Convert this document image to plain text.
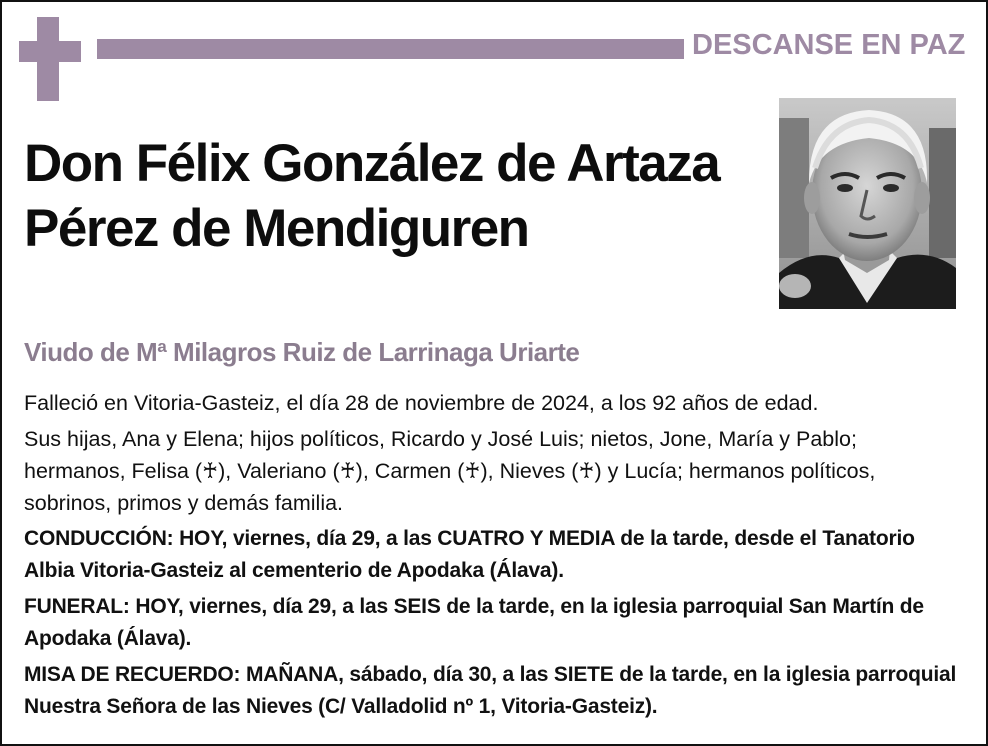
DESCANSE EN PAZ
Don Félix González de Artaza
Pérez de Mendiguren
Viudo de Mª Milagros Ruiz de Larrinaga Uriarte

Falleció en Vitoria-Gasteiz, el día 28 de noviembre de 2024, a los 92 años de edad.

Sus hijas, Ana y Elena; hijos políticos, Ricardo y José Luis; nietos, Jone, María y Pablo; hermanos, Felisa (♰), Valeriano (♰), Carmen (♰), Nieves (♰) y Lucía; hermanos políticos, sobrinos, primos y demás familia.

CONDUCCIÓN: HOY, viernes, día 29, a las CUATRO Y MEDIA de la tarde, desde el Tanatorio Albia Vitoria-Gasteiz al cementerio de Apodaka (Álava).

FUNERAL: HOY, viernes, día 29, a las SEIS de la tarde, en la iglesia parroquial San Martín de Apodaka (Álava).

MISA DE RECUERDO: MAÑANA, sábado, día 30, a las SIETE de la tarde, en la iglesia parroquial Nuestra Señora de las Nieves (C/ Valladolid nº 1, Vitoria-Gasteiz).
